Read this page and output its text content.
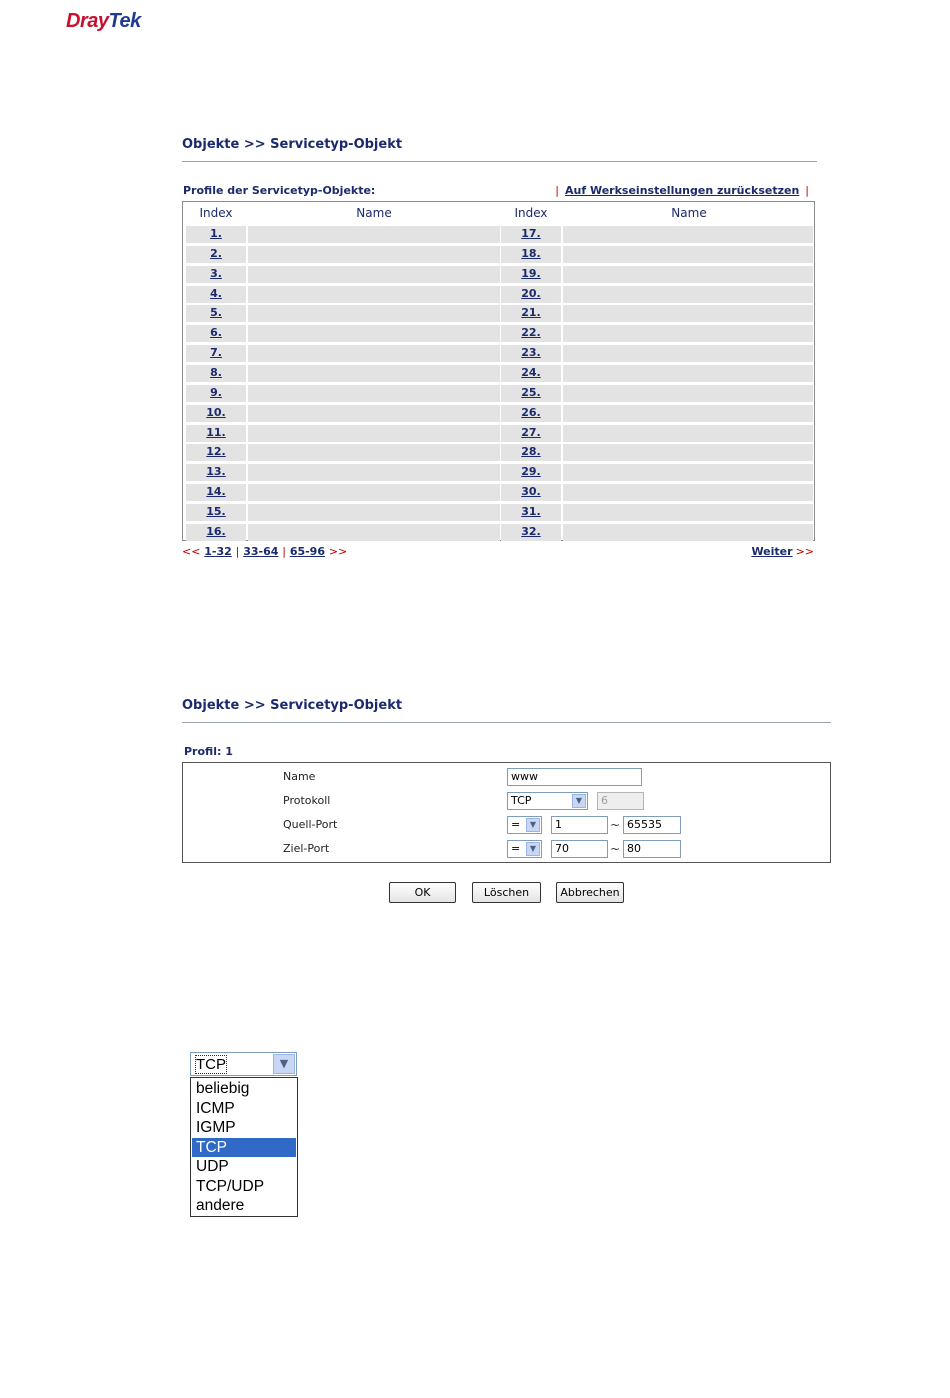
DrayTek
Objekte >> Servicetyp-Objekt
Profile der Servicetyp-Objekte:	| Auf Werkseinstellungen zurücksetzen |
Index	Name	Index	Name
1.	17.
2.	18.
3.	19.
4.	20.
5.	21.
6.	22.
7.	23.
8.	24.
9.	25.
10.	26.
11.	27.
12.	28.
13.	29.
14.	30.
15.	31.
16.	32.
<< 1-32 | 33-64 | 65-96 >>	Weiter >>
Objekte >> Servicetyp-Objekt
Profil: 1
Name	www
Protokoll	TCP	▼	6
Quell-Port	=	▼	1	~ 65535
Ziel-Port	=	▼	70	~ 80
OK	Löschen	Abbrechen
TCP	▼
beliebig
ICMP
IGMP
TCP
UDP
TCP/UDP
andere
